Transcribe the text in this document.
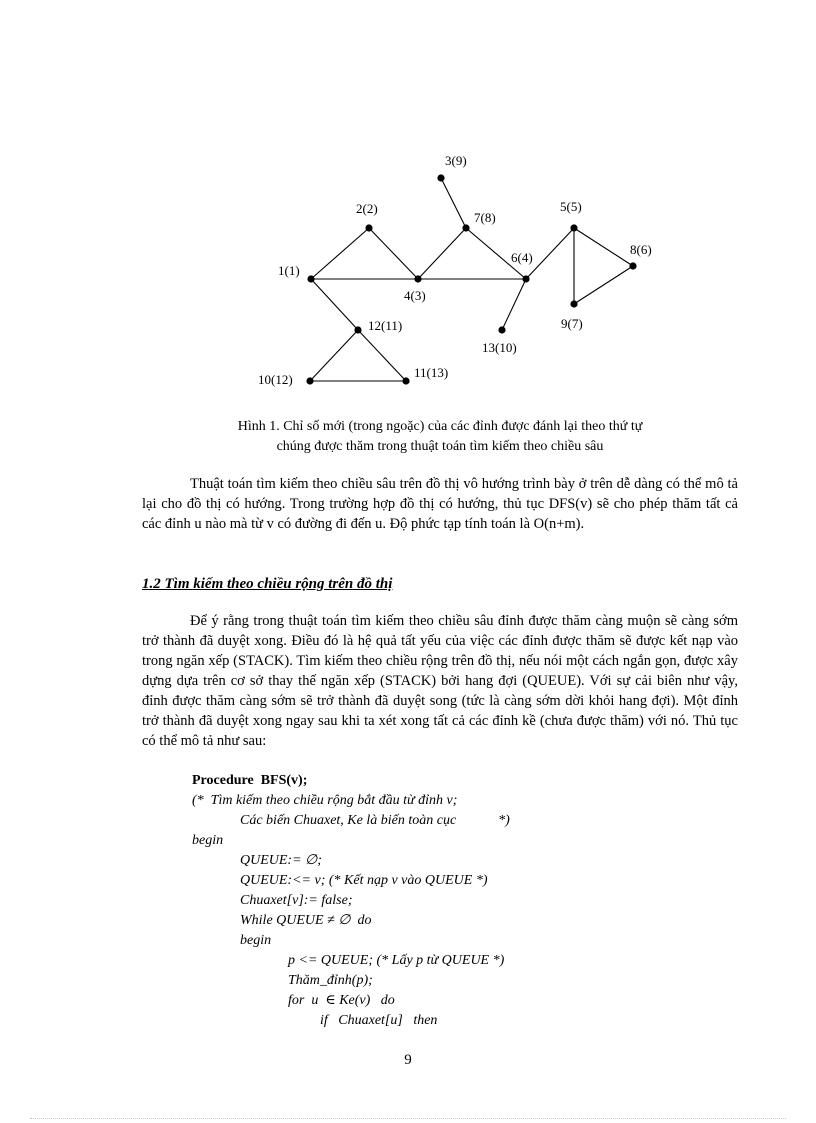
1(1)
2(2)
3(9)
4(3)
5(5)
6(4)
7(8)
8(6)
9(7)
10(12)	11(13)
12(11)
13(10)
Hình 1. Chỉ số mới (trong ngoặc) của các đỉnh được đánh lại theo thứ tự
chúng được thăm trong thuật toán tìm kiếm theo chiều sâu

Thuật toán tìm kiếm theo chiều sâu trên đồ thị vô hướng trình bày ở trên dễ dàng có thể mô tả lại cho đồ thị có hướng. Trong trường hợp đồ thị có hướng, thủ tục DFS(v) sẽ cho phép thăm tất cả các đỉnh u nào mà từ v có đường đi đến u. Độ phức tạp tính toán là O(n+m).

1.2 Tìm kiếm theo chiều rộng trên đồ thị

Để ý rằng trong thuật toán tìm kiếm theo chiều sâu đỉnh được thăm càng muộn sẽ càng sớm trở thành đã duyệt xong. Điều đó là hệ quả tất yếu của việc các đỉnh được thăm sẽ được kết nạp vào trong ngăn xếp (STACK). Tìm kiếm theo chiều rộng trên đồ thị, nếu nói một cách ngắn gọn, được xây dựng dựa trên cơ sở thay thế ngăn xếp (STACK) bởi hang đợi (QUEUE). Với sự cải biên như vậy, đỉnh được thăm càng sớm sẽ trở thành đã duyệt song (tức là càng sớm dời khỏi hang đợi). Một đỉnh trở thành đã duyệt xong ngay sau khi ta xét xong tất cả các đỉnh kề (chưa được thăm) với nó. Thủ tục có thể mô tả như sau:

Procedure  BFS(v);
(*  Tìm kiếm theo chiều rộng bắt đầu từ đỉnh v;
Các biến Chuaxet, Ke là biến toàn cục            *)
begin
QUEUE:= ∅;
QUEUE:<= v; (* Kết nạp v vào QUEUE *)
Chuaxet[v]:= false;
While QUEUE ≠ ∅  do
begin
p <= QUEUE; (* Lấy p từ QUEUE *)
Thăm_đỉnh(p);
for  u  ∈ Ke(v)   do
if   Chuaxet[u]   then
9
